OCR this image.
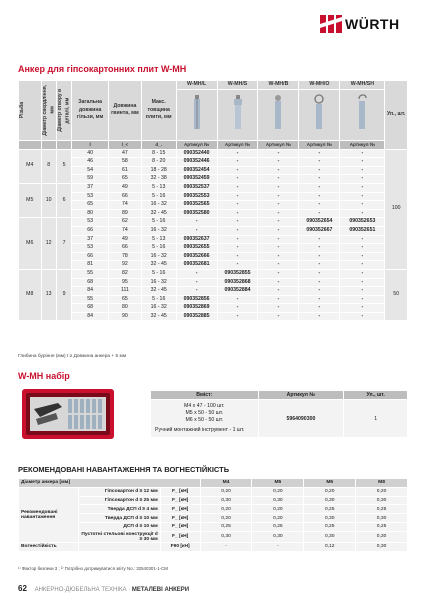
WÜRTH
Анкер для гіпсокартонних плит W-MH
Різьба	Діаметр свердління, мм	Діаметр отвору в деталі, мм	Загальна довжина гільзи, мм	Довжина гвинта, мм	Макс. товщина плити, мм	W-MH/L	W-MH/S	W-MH/B	W-MH/O	W-MH/SH	Уп., шт.

			l	l_<	d_.	Артикул №	Артикул №	Артикул №	Артикул №	Артикул №	
M4	8	5	40	47	8 - 15	090352440	-	-	-	-	100
			46	58	8 - 20	090352446	-	-	-	-	
			54	61	18 - 28	090352454	-	-	-	-	
			59	65	32 - 38	090352459	-	-	-	-	
M5	10	6	37	49	5 - 13	090352537	-	-	-	-	
			53	66	5 - 16	090352553	-	-	-	-	
			65	74	16 - 32	090352565	-	-	-	-	
			80	89	32 - 45	090352580	-	-	-	-	
M6	12	7	53	62	5 - 16	-	-	-	090352654	090352653	
			66	74	16 - 32	-	-	-	090352667	090352651	
			37	49	5 - 13	090352637	-	-	-	-	
			53	66	5 - 16	090352655	-	-	-	-	
			66	78	16 - 32	090352666	-	-	-	-	
			81	92	32 - 45	090352681	-	-	-	-	
M8	13	9	55	82	5 - 16	-	090352855	-	-	-	50
			68	95	16 - 32	-	090352868	-	-	-	
			84	111	32 - 45	-	090352884	-	-	-	
			55	65	5 - 16	090352856	-	-	-	-	
			68	80	16 - 32	090352869	-	-	-	-	
			84	90	32 - 45	090352885	-	-	-	-	
Глибина буріння (мм) t ≥ Довжина анкера + 5 мм
W-MH набір
Вміст:	Артикул №	Уп., шт.

M4 x 47 - 100 шт.
M5 x 50 - 50 шт.
M6 x 50 - 50 шт.
Ручний монтажний інструмент - 1 шт.	5964090300	1
РЕКОМЕНДОВАНІ НАВАНТАЖЕННЯ ТА ВОГНЕСТІЙКІСТЬ
Діаметр анкера [мм]			M4	M5	M6	M8
Рекомендовані навантаження	Гіпсокартон d ≥ 12 мм	F_ [кН]	0,20	0,20	0,20	0,20
	Гіпсокартон d ≥ 25 мм	F_ [кН]	0,30	0,30	0,30	0,30
	Тверда ДСП d ≥ 4 мм	F_ [кН]	0,20	0,20	0,25	0,25
	Тверда ДСП d ≥ 10 мм	F_ [кН]	0,20	0,20	0,30	0,30
	ДСП d ≥ 10 мм	F_ [кН]	0,25	0,25	0,25	0,25
	Пустотні стельові конструкції d ≥ 30 мм	F_ [кН]	0,30	0,30	0,30	0,30
Вогнестійкість		F90 [кН]	-	-	0,12	0,30
¹⁾ Фактор безпеки 3 ; ²⁾ Потрібно дотримуватися звіту No.: 32540301-1-CM
62 АНКЕРНО-ДЮБЕЛЬНА ТЕХНІКА · МЕТАЛЕВІ АНКЕРИ
